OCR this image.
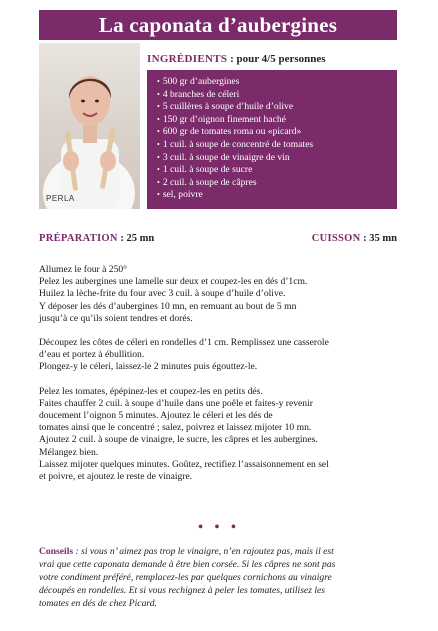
La caponata d’aubergines
PERLA
INGRÉDIENTS : pour 4/5 personnes
• 500 gr d’aubergines
• 4 branches de céleri
• 5 cuillères à soupe d’huile d’olive
• 150 gr d’oignon finement haché
• 600 gr de tomates roma ou «picard»
• 1 cuil. à soupe de concentré de tomates
• 3 cuil. à soupe de vinaigre de vin
• 1 cuil. à soupe de sucre
• 2 cuil. à soupe de câpres
• sel, poivre
PRÉPARATION : 25 mn	CUISSON : 35 mn

Allumez le four à 250°
Pelez les aubergines une lamelle sur deux et coupez-les en dés d’1cm.
Huilez la lèche-frite du four avec 3 cuil. à soupe d’huile d’olive.
Y déposer les dés d’aubergines 10 mn, en remuant au bout de 5 mn
jusqu’à ce qu’ils soient tendres et dorés.

Découpez les côtes de céleri en rondelles d’1 cm. Remplissez une casserole
d’eau et portez à ébullition.
Plongez-y le céleri, laissez-le 2 minutes puis égouttez-le.

Pelez les tomates, épépinez-les et coupez-les en petits dés.
Faites chauffer 2 cuil. à soupe d’huile dans une poêle et faites-y revenir
doucement l’oignon 5 minutes. Ajoutez le céleri et les dés de
tomates ainsi que le concentré ; salez, poivrez et laissez mijoter 10 mn.
Ajoutez 2 cuil. à soupe de vinaigre, le sucre, les câpres et les aubergines.
Mélangez bien.
Laissez mijoter quelques minutes. Goûtez, rectifiez l’assaisonnement en sel
et poivre, et ajoutez le reste de vinaigre.

• • •
Conseils : si vous n’ aimez pas trop le vinaigre, n’en rajoutez pas, mais il est
vrai que cette caponata demande à être bien corsée. Si les câpres ne sont pas
votre condiment préféré, remplacez-les par quelques cornichons au vinaigre
découpés en rondelles. Et si vous rechignez à peler les tomates, utilisez les
tomates en dés de chez Picard.
